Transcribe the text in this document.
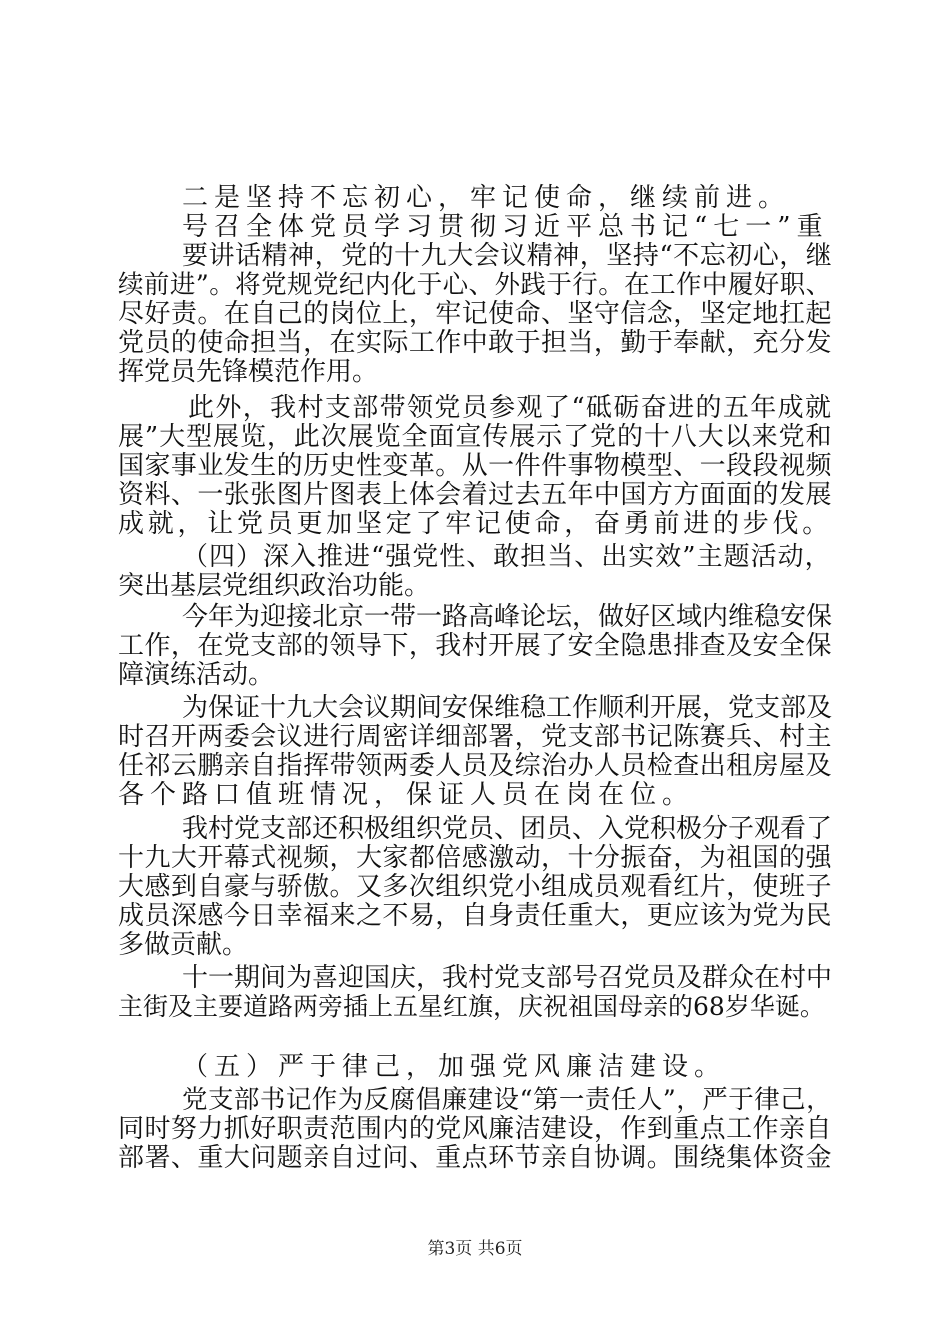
二是坚持不忘初心，牢记使命，继续前进。

号召全体党员学习贯彻习近平总书记“七一”重

要讲话精神，党的十九大会议精神，坚持“不忘初心，继

续前进”。将党规党纪内化于心、外践于行。在工作中履好职、

尽好责。在自己的岗位上，牢记使命、坚守信念，坚定地扛起

党员的使命担当，在实际工作中敢于担当，勤于奉献，充分发

挥党员先锋模范作用。

此外，我村支部带领党员参观了“砥砺奋进的五年成就

展”大型展览，此次展览全面宣传展示了党的十八大以来党和

国家事业发生的历史性变革。从一件件事物模型、一段段视频

资料、一张张图片图表上体会着过去五年中国方方面面的发展

成就，让党员更加坚定了牢记使命，奋勇前进的步伐。

（四）深入推进“强党性、敢担当、出实效”主题活动，

突出基层党组织政治功能。

今年为迎接北京一带一路高峰论坛，做好区域内维稳安保

工作，在党支部的领导下，我村开展了安全隐患排查及安全保

障演练活动。

为保证十九大会议期间安保维稳工作顺利开展，党支部及

时召开两委会议进行周密详细部署，党支部书记陈赛兵、村主

任祁云鹏亲自指挥带领两委人员及综治办人员检查出租房屋及

各个路口值班情况，保证人员在岗在位。

我村党支部还积极组织党员、团员、入党积极分子观看了

十九大开幕式视频，大家都倍感激动，十分振奋，为祖国的强

大感到自豪与骄傲。又多次组织党小组成员观看红片，使班子

成员深感今日幸福来之不易，自身责任重大，更应该为党为民

多做贡献。

十一期间为喜迎国庆，我村党支部号召党员及群众在村中

主街及主要道路两旁插上五星红旗，庆祝祖国母亲的68岁华诞。

（五）严于律己，加强党风廉洁建设。

党支部书记作为反腐倡廉建设“第一责任人”，严于律己，

同时努力抓好职责范围内的党风廉洁建设，作到重点工作亲自

部署、重大问题亲自过问、重点环节亲自协调。围绕集体资金

第3页 共6页
